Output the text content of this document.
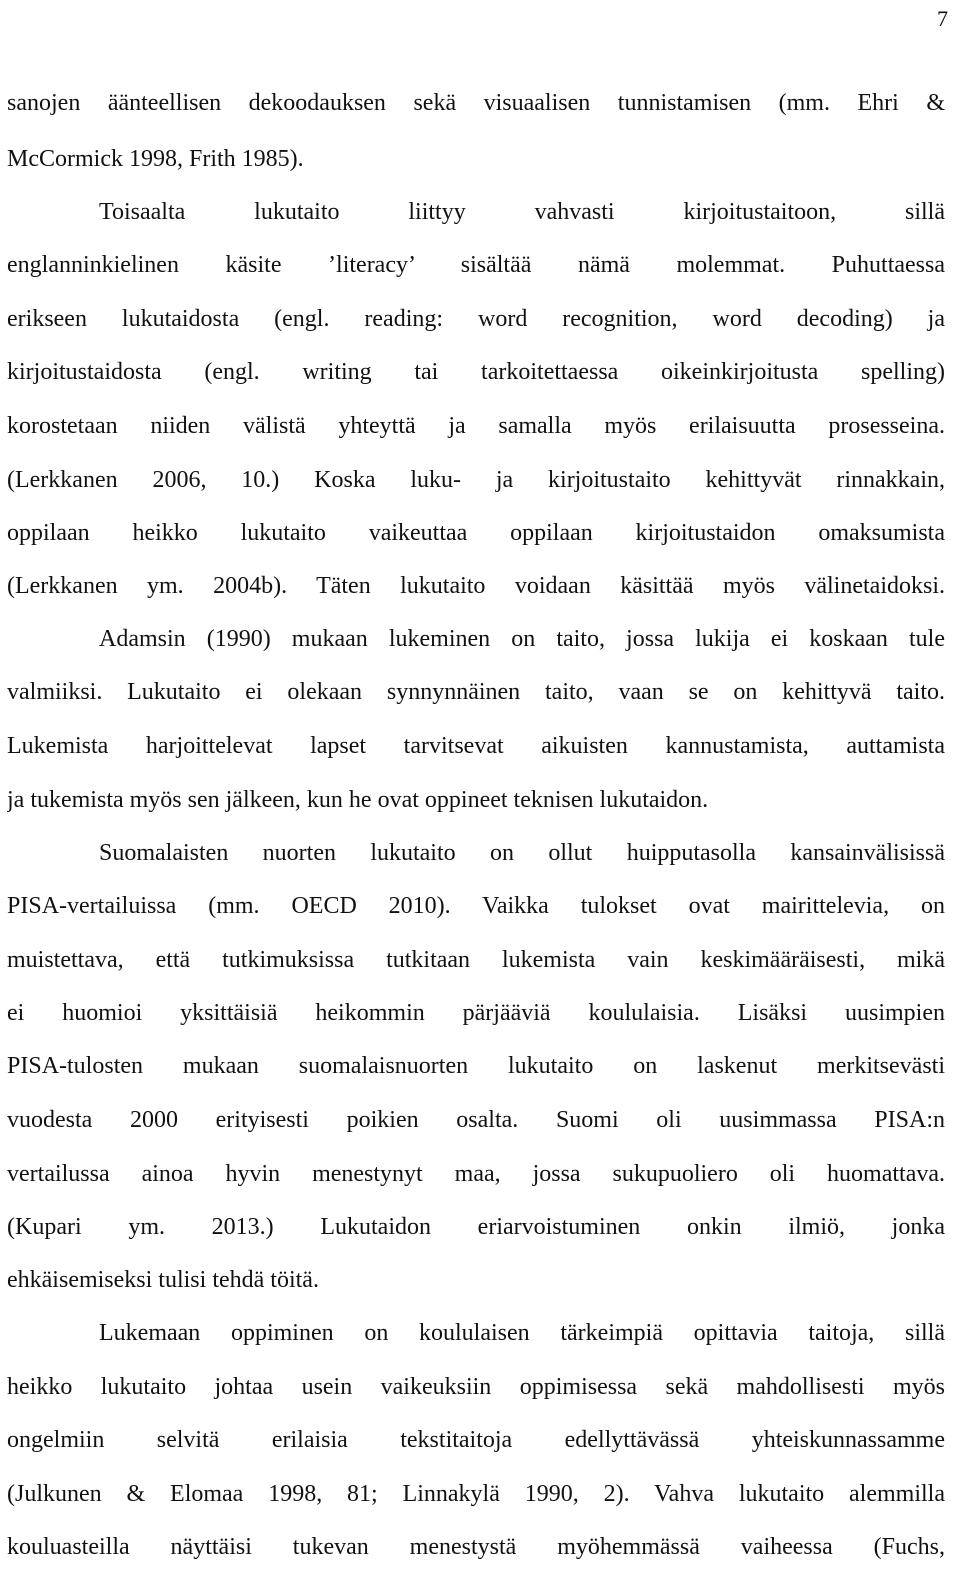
7
sanojen äänteellisen dekoodauksen sekä visuaalisen tunnistamisen (mm. Ehri &
McCormick 1998, Frith 1985).
Toisaalta lukutaito liittyy vahvasti kirjoitustaitoon, sillä
englanninkielinen käsite ’literacy’ sisältää nämä molemmat. Puhuttaessa
erikseen lukutaidosta (engl. reading: word recognition, word decoding) ja
kirjoitustaidosta (engl. writing tai tarkoitettaessa oikeinkirjoitusta spelling)
korostetaan niiden välistä yhteyttä ja samalla myös erilaisuutta prosesseina.
(Lerkkanen 2006, 10.) Koska luku- ja kirjoitustaito kehittyvät rinnakkain,
oppilaan heikko lukutaito vaikeuttaa oppilaan kirjoitustaidon omaksumista
(Lerkkanen ym. 2004b). Täten lukutaito voidaan käsittää myös välinetaidoksi.
Adamsin (1990) mukaan lukeminen on taito, jossa lukija ei koskaan tule
valmiiksi. Lukutaito ei olekaan synnynnäinen taito, vaan se on kehittyvä taito.
Lukemista harjoittelevat lapset tarvitsevat aikuisten kannustamista, auttamista
ja tukemista myös sen jälkeen, kun he ovat oppineet teknisen lukutaidon.
Suomalaisten nuorten lukutaito on ollut huipputasolla kansainvälisissä
PISA-vertailuissa (mm. OECD 2010). Vaikka tulokset ovat mairittelevia, on
muistettava, että tutkimuksissa tutkitaan lukemista vain keskimääräisesti, mikä
ei huomioi yksittäisiä heikommin pärjääviä koululaisia. Lisäksi uusimpien
PISA-tulosten mukaan suomalaisnuorten lukutaito on laskenut merkitsevästi
vuodesta 2000 erityisesti poikien osalta. Suomi oli uusimmassa PISA:n
vertailussa ainoa hyvin menestynyt maa, jossa sukupuoliero oli huomattava.
(Kupari ym. 2013.) Lukutaidon eriarvoistuminen onkin ilmiö, jonka
ehkäisemiseksi tulisi tehdä töitä.
Lukemaan oppiminen on koululaisen tärkeimpiä opittavia taitoja, sillä
heikko lukutaito johtaa usein vaikeuksiin oppimisessa sekä mahdollisesti myös
ongelmiin selvitä erilaisia tekstitaitoja edellyttävässä yhteiskunnassamme
(Julkunen & Elomaa 1998, 81; Linnakylä 1990, 2). Vahva lukutaito alemmilla
kouluasteilla näyttäisi tukevan menestystä myöhemmässä vaiheessa (Fuchs,
